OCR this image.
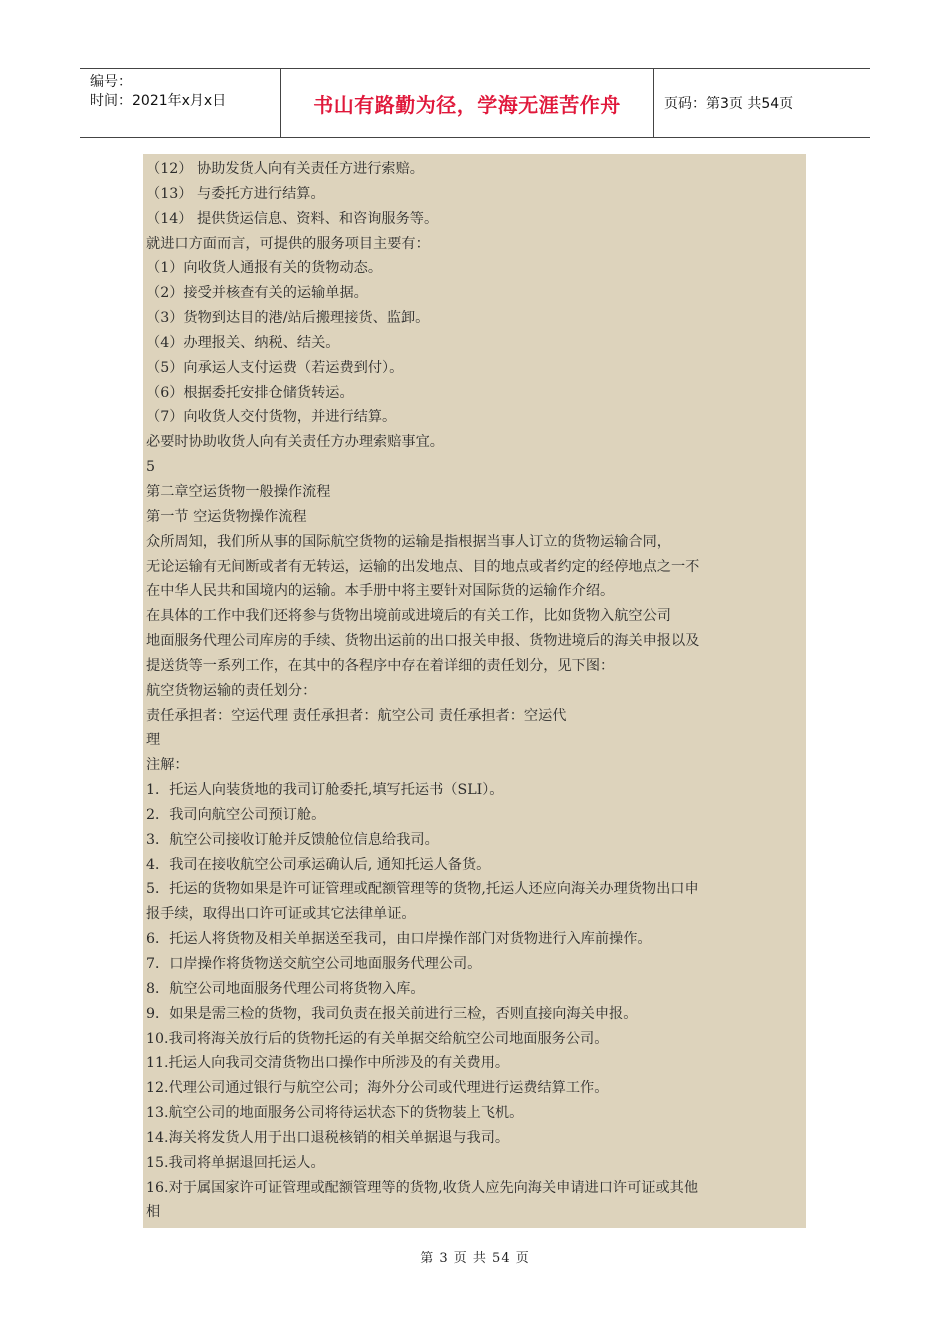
编号：
时间：2021年x月x日	书山有路勤为径，学海无涯苦作舟	页码：第3页 共54页
（12） 协助发货人向有关责任方进行索赔。
（13） 与委托方进行结算。
（14） 提供货运信息、资料、和咨询服务等。
就进口方面而言，可提供的服务项目主要有：
（1）向收货人通报有关的货物动态。
（2）接受并核查有关的运输单据。
（3）货物到达目的港/站后搬理接货、监卸。
（4）办理报关、纳税、结关。
（5）向承运人支付运费（若运费到付）。
（6）根据委托安排仓储货转运。
（7）向收货人交付货物，并进行结算。
必要时协助收货人向有关责任方办理索赔事宜。
5
第二章空运货物一般操作流程
第一节 空运货物操作流程
众所周知，我们所从事的国际航空货物的运输是指根据当事人订立的货物运输合同，
无论运输有无间断或者有无转运，运输的出发地点、目的地点或者约定的经停地点之一不
在中华人民共和国境内的运输。本手册中将主要针对国际货的运输作介绍。
在具体的工作中我们还将参与货物出境前或进境后的有关工作，比如货物入航空公司
地面服务代理公司库房的手续、货物出运前的出口报关申报、货物进境后的海关申报以及
提送货等一系列工作，在其中的各程序中存在着详细的责任划分，见下图：
航空货物运输的责任划分：
责任承担者：空运代理 责任承担者：航空公司 责任承担者：空运代
理
注解：
1．托运人向装货地的我司订舱委托,填写托运书（SLI）。
2．我司向航空公司预订舱。
3．航空公司接收订舱并反馈舱位信息给我司。
4．我司在接收航空公司承运确认后, 通知托运人备货。
5．托运的货物如果是许可证管理或配额管理等的货物,托运人还应向海关办理货物出口申
报手续，取得出口许可证或其它法律单证。
6．托运人将货物及相关单据送至我司，由口岸操作部门对货物进行入库前操作。
7．口岸操作将货物送交航空公司地面服务代理公司。
8．航空公司地面服务代理公司将货物入库。
9．如果是需三检的货物，我司负责在报关前进行三检，否则直接向海关申报。
10.我司将海关放行后的货物托运的有关单据交给航空公司地面服务公司。
11.托运人向我司交清货物出口操作中所涉及的有关费用。
12.代理公司通过银行与航空公司；海外分公司或代理进行运费结算工作。
13.航空公司的地面服务公司将待运状态下的货物装上飞机。
14.海关将发货人用于出口退税核销的相关单据退与我司。
15.我司将单据退回托运人。
16.对于属国家许可证管理或配额管理等的货物,收货人应先向海关申请进口许可证或其他
相
第 3 页 共 54 页
